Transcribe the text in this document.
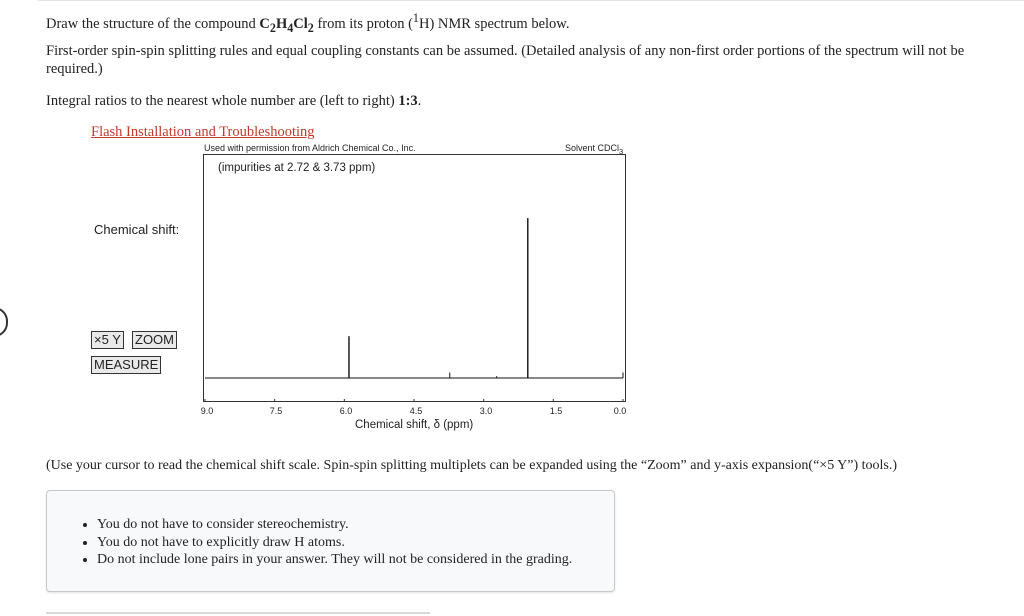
Draw the structure of the compound $C_2H_4Cl_2$ from its proton ($^1$H) NMR spectrum below.
First-order spin-spin splitting rules and equal coupling constants can be assumed. (Detailed analysis of any non-first order portions of the spectrum will not be required.)
Integral ratios to the nearest whole number are (left to right) 1:3.
Flash Installation and Troubleshooting
Used with permission from Aldrich Chemical Co., Inc.	Solvent CDCl$_3$
(impurities at 2.72 & 3.73 ppm)
Chemical shift:
×5 Y ZOOM
MEASURE
9.0	7.5	6.0	4.5	3.0	1.5	0.0
Chemical shift, δ (ppm)
(Use your cursor to read the chemical shift scale. Spin-spin splitting multiplets can be expanded using the “Zoom” and y-axis expansion(“×5 Y”) tools.)
• You do not have to consider stereochemistry.
• You do not have to explicitly draw H atoms.
• Do not include lone pairs in your answer. They will not be considered in the grading.
